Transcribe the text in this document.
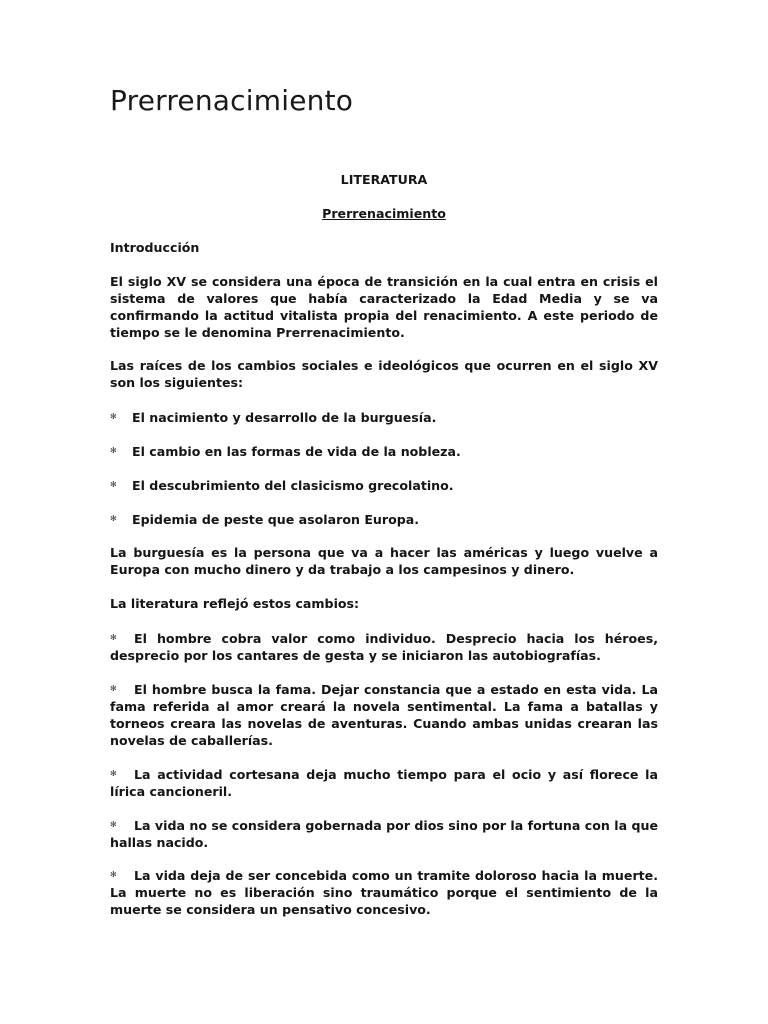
Prerrenacimiento
LITERATURA
Prerrenacimiento

Introducción

El siglo XV se considera una época de transición en la cual entra en crisis el sistema de valores que había caracterizado la Edad Media y se va confirmando la actitud vitalista propia del renacimiento. A este periodo de tiempo se le denomina Prerrenacimiento.

Las raíces de los cambios sociales e ideológicos que ocurren en el siglo XV son los siguientes:

✻ El nacimiento y desarrollo de la burguesía.
✻ El cambio en las formas de vida de la nobleza.
✻ El descubrimiento del clasicismo grecolatino.
✻ Epidemia de peste que asolaron Europa.

La burguesía es la persona que va a hacer las américas y luego vuelve a Europa con mucho dinero y da trabajo a los campesinos y dinero.

La literatura reflejó estos cambios:

✻ El hombre cobra valor como individuo. Desprecio hacia los héroes, desprecio por los cantares de gesta y se iniciaron las autobiografías.
✻ El hombre busca la fama. Dejar constancia que a estado en esta vida. La fama referida al amor creará la novela sentimental. La fama a batallas y torneos creara las novelas de aventuras. Cuando ambas unidas crearan las novelas de caballerías.
✻ La actividad cortesana deja mucho tiempo para el ocio y así florece la lírica cancioneril.
✻ La vida no se considera gobernada por dios sino por la fortuna con la que hallas nacido.
✻ La vida deja de ser concebida como un tramite doloroso hacia la muerte. La muerte no es liberación sino traumático porque el sentimiento de la muerte se considera un pensativo concesivo.
